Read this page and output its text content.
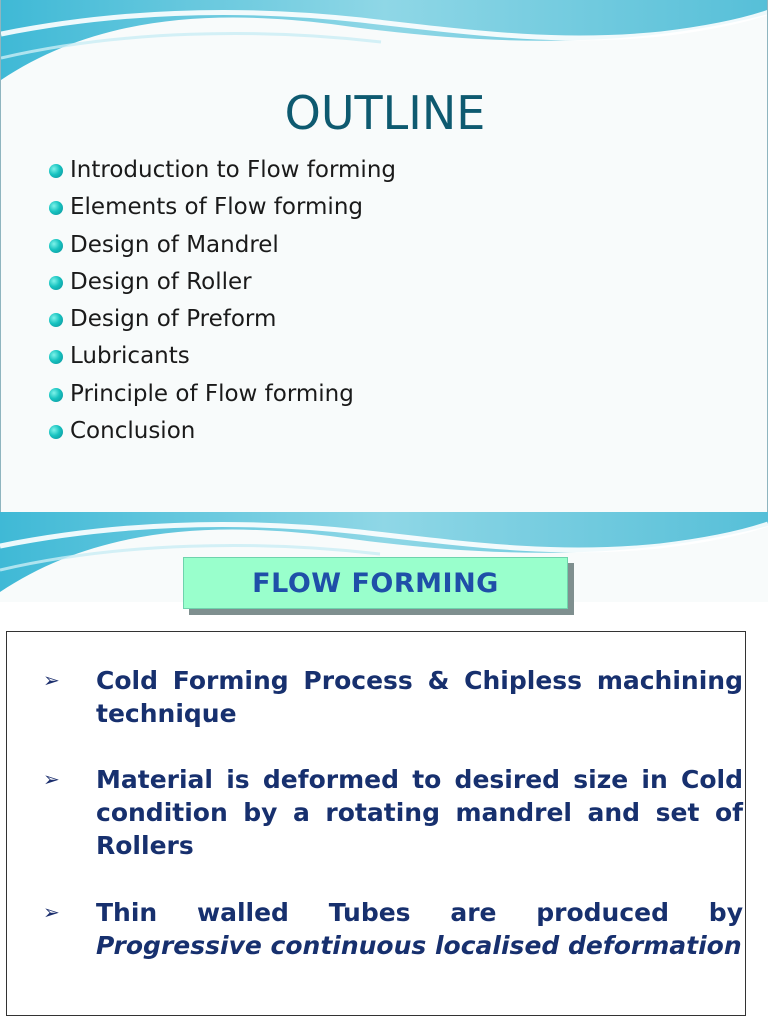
OUTLINE
Introduction to Flow forming
Elements of Flow forming
Design of Mandrel
Design of Roller
Design of Preform
Lubricants
Principle of Flow forming
Conclusion
FLOW FORMING
➢ Cold Forming Process & Chipless machining technique
➢ Material is deformed to desired size in Cold condition by a rotating mandrel and set of Rollers
➢ Thin walled Tubes are produced by
Progressive continuous localised deformation
